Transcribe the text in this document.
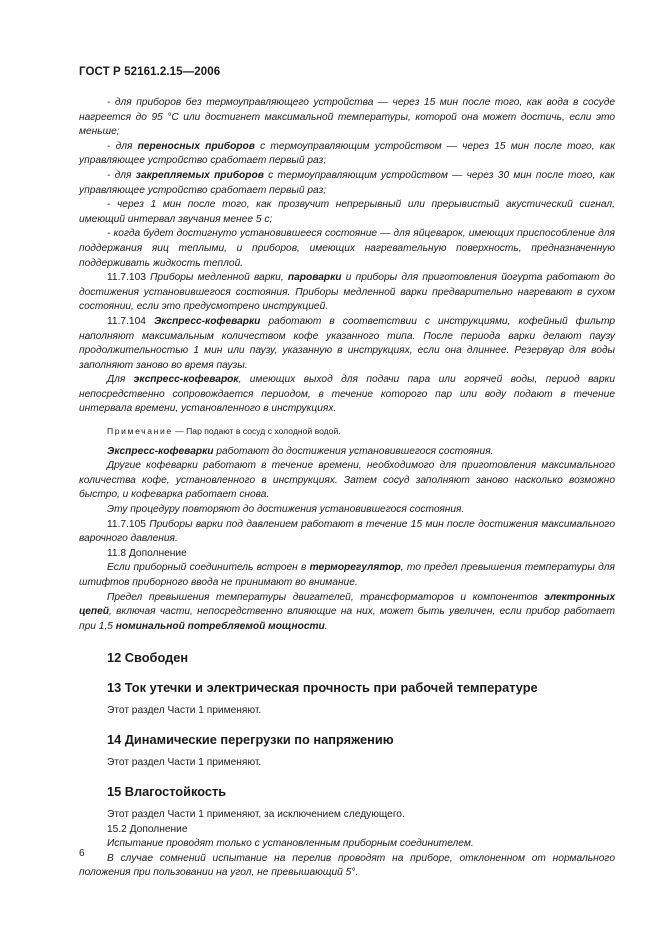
ГОСТ Р 52161.2.15—2006

- для приборов без термоуправляющего устройства — через 15 мин после того, как вода в сосуде нагреется до 95 °С или достигнет максимальной температуры, которой она может достичь, если это меньше;

- для переносных приборов с термоуправляющим устройством — через 15 мин после того, как управляющее устройство сработает первый раз;

- для закрепляемых приборов с термоуправляющим устройством — через 30 мин после того, как управляющее устройство сработает первый раз;

- через 1 мин после того, как прозвучит непрерывный или прерывистый акустический сигнал, имеющий интервал звучания менее 5 с;

- когда будет достигнуто установившееся состояние — для яйцеварок, имеющих приспособление для поддержания яиц теплыми, и приборов, имеющих нагревательную поверхность, предназначенную поддерживать жидкость теплой.

11.7.103 Приборы медленной варки, пароварки и приборы для приготовления йогурта работают до достижения установившегося состояния. Приборы медленной варки предварительно нагревают в сухом состоянии, если это предусмотрено инструкцией.

11.7.104 Экспресс-кофеварки работают в соответствии с инструкциями, кофейный фильтр наполняют максимальным количеством кофе указанного типа. После периода варки делают паузу продолжительностью 1 мин или паузу, указанную в инструкциях, если она длиннее. Резервуар для воды заполняют заново во время паузы.

Для экспресс-кофеварок, имеющих выход для подачи пара или горячей воды, период варки непосредственно сопровождается периодом, в течение которого пар или воду подают в течение интервала времени, установленного в инструкциях.

Примечание — Пар подают в сосуд с холодной водой.

Экспресс-кофеварки работают до достижения установившегося состояния.

Другие кофеварки работают в течение времени, необходимого для приготовления максимального количества кофе, установленного в инструкциях. Затем сосуд заполняют заново насколько возможно быстро, и кофеварка работает снова.

Эту процедуру повторяют до достижения установившегося состояния.

11.7.105 Приборы варки под давлением работают в течение 15 мин после достижения максимального варочного давления.

11.8 Дополнение

Если приборный соединитель встроен в терморегулятор, то предел превышения температуры для штифтов приборного ввода не принимают во внимание.

Предел превышения температуры двигателей, трансформаторов и компонентов электронных цепей, включая части, непосредственно влияющие на них, может быть увеличен, если прибор работает при 1,5 номинальной потребляемой мощности.

12 Свободен
13 Ток утечки и электрическая прочность при рабочей температуре

Этот раздел Части 1 применяют.

14 Динамические перегрузки по напряжению

Этот раздел Части 1 применяют.

15 Влагостойкость

Этот раздел Части 1 применяют, за исключением следующего.

15.2 Дополнение

Испытание проводят только с установленным приборным соединителем.

В случае сомнений испытание на перелив проводят на приборе, отклоненном от нормального положения при пользовании на угол, не превышающий 5°.

6
